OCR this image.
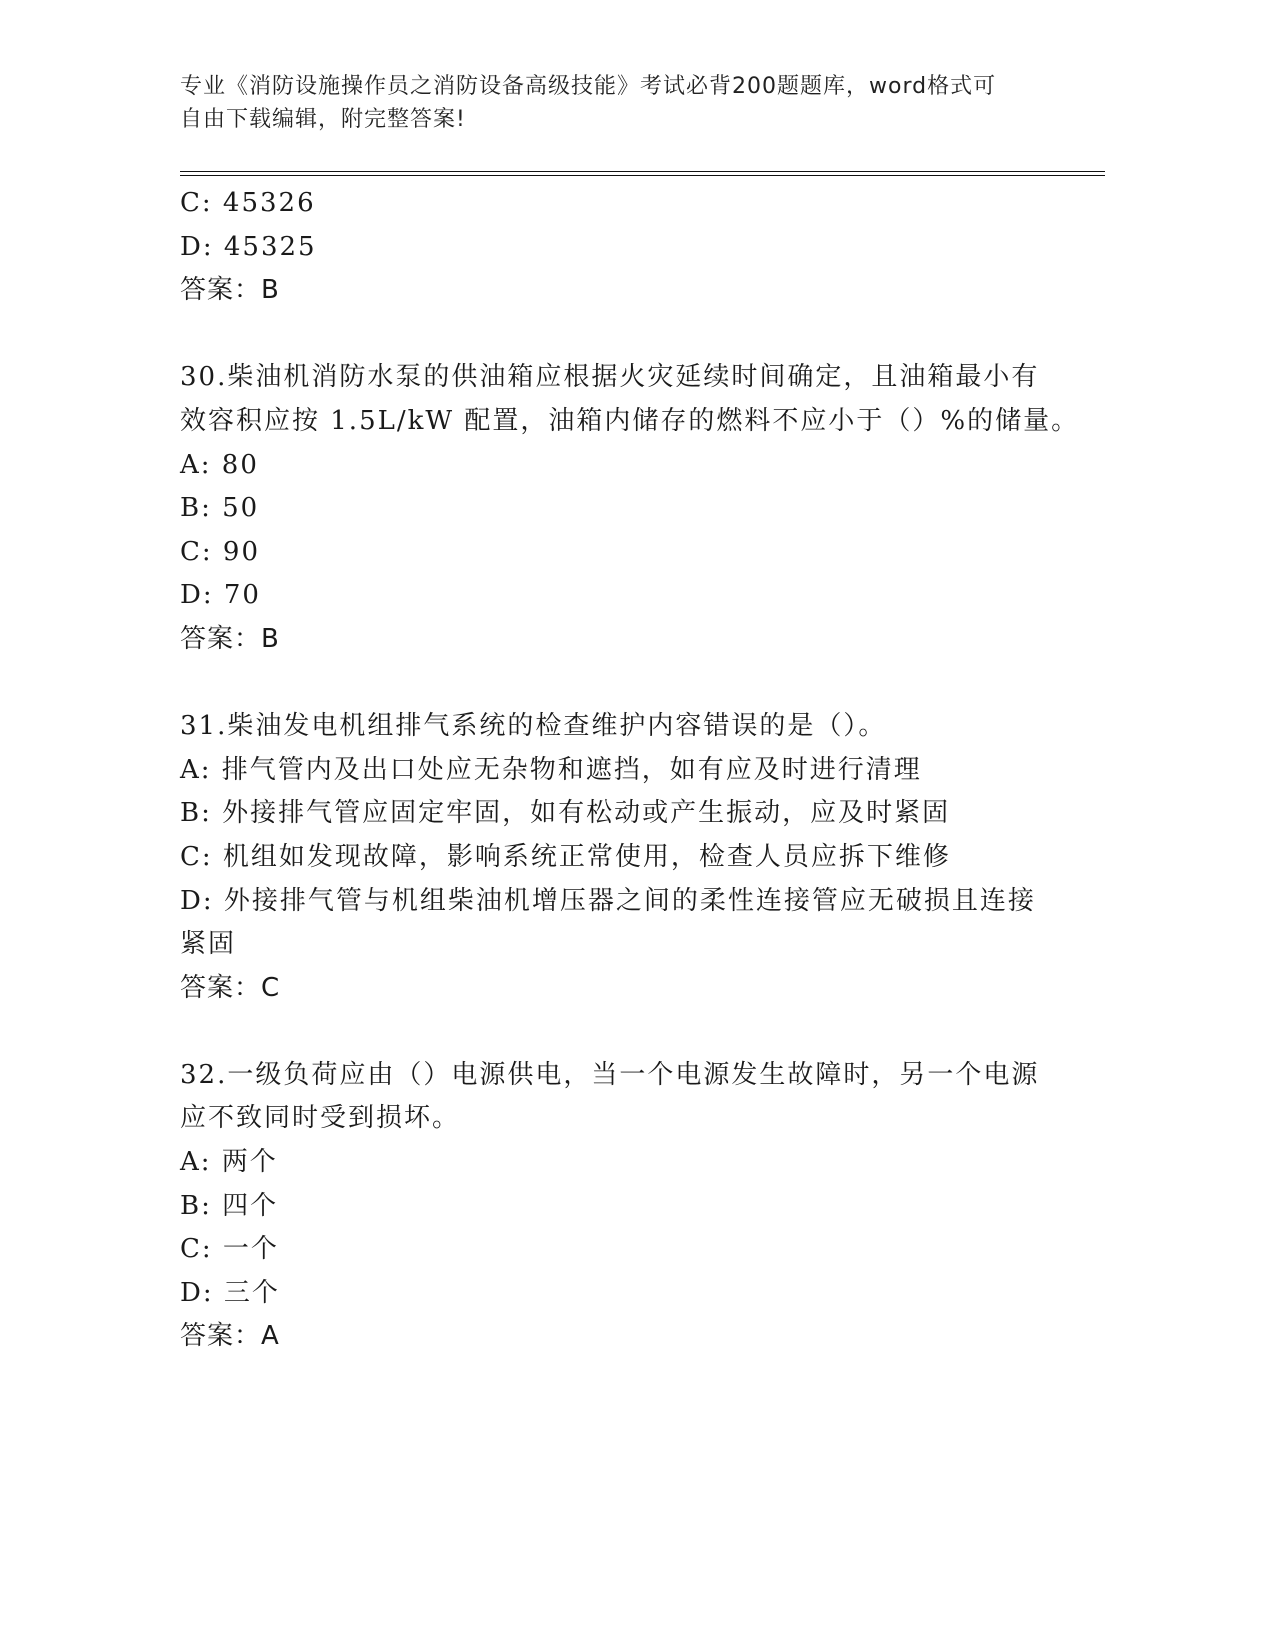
专业《消防设施操作员之消防设备高级技能》考试必背200题题库，word格式可
自由下载编辑，附完整答案!
C: 45326
D: 45325
答案：B
30.柴油机消防水泵的供油箱应根据火灾延续时间确定，且油箱最小有
效容积应按 1.5L/kW 配置，油箱内储存的燃料不应小于（）%的储量。
A: 80
B: 50
C: 90
D: 70
答案：B
31.柴油发电机组排气系统的检查维护内容错误的是（）。
A: 排气管内及出口处应无杂物和遮挡，如有应及时进行清理
B: 外接排气管应固定牢固，如有松动或产生振动，应及时紧固
C: 机组如发现故障，影响系统正常使用，检查人员应拆下维修
D: 外接排气管与机组柴油机增压器之间的柔性连接管应无破损且连接
紧固
答案：C
32.一级负荷应由（）电源供电，当一个电源发生故障时，另一个电源
应不致同时受到损坏。
A: 两个
B: 四个
C: 一个
D: 三个
答案：A
